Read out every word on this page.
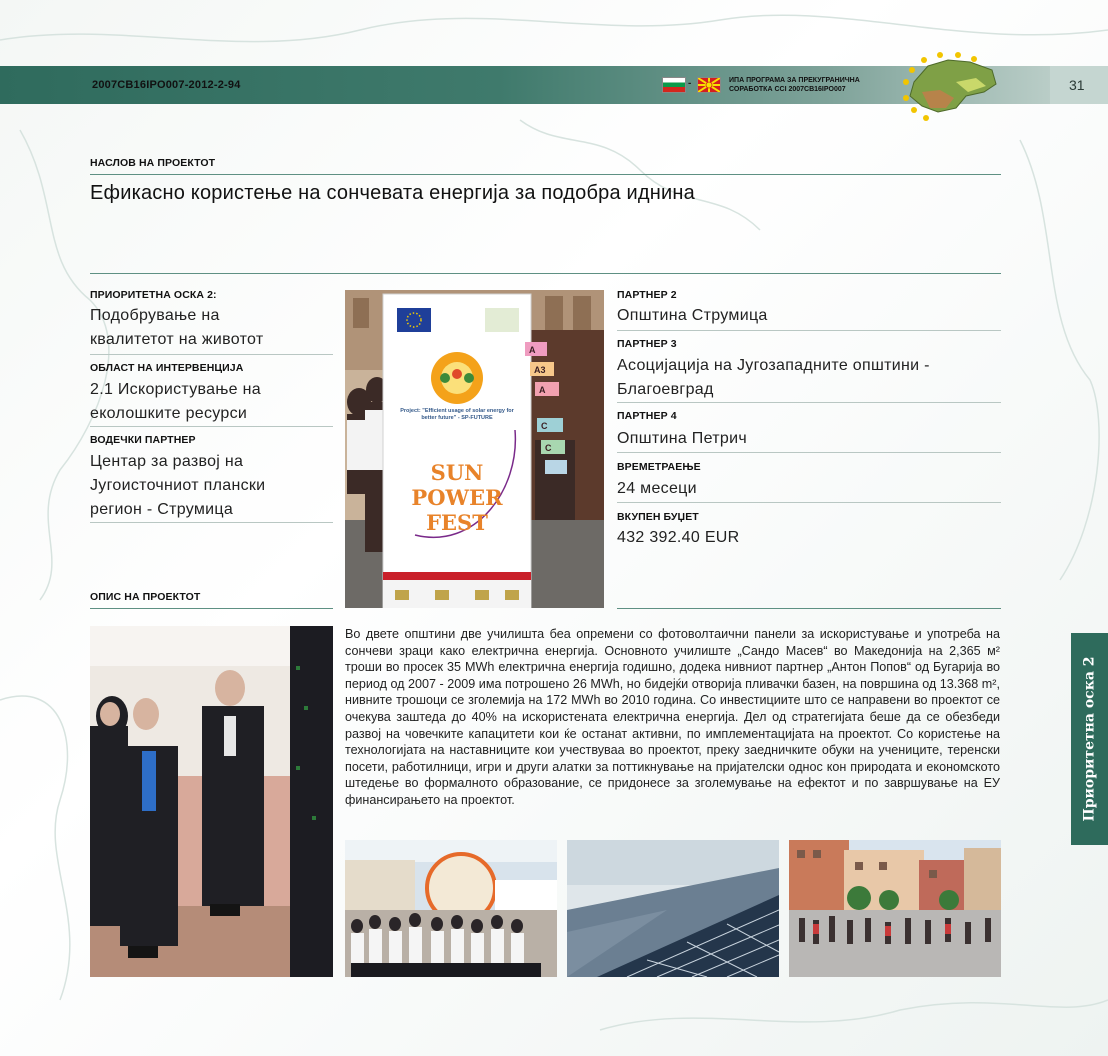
2007CB16IPO007-2012-2-94	-	ИПА ПРОГРАМА ЗА ПРЕКУГРАНИЧНА СОРАБОТКА CCI 2007CB16IPO007	31
НАСЛОВ НА ПРОЕКТОТ
Ефикасно користење на сончевата енергија за подобра иднина
ПРИОРИТЕТНА ОСКА 2:
Подобрување на
квалитетот на животот
ОБЛАСТ НА ИНТЕРВЕНЦИЈА
2.1 Искористување на
еколошките ресурси
ВОДЕЧКИ ПАРТНЕР
Центар за развој на
Југоисточниот плански
регион - Струмица
A
A3
A
C
C
SUN
POWER
FEST
Project: "Efficient usage of solar energy for better future" - SP-FUTURE
ПАРТНЕР 2
Општина Струмица
ПАРТНЕР 3
Асоцијација на Југозападните општини -
Благоевград
ПАРТНЕР 4
Општина Петрич
ВРЕМЕТРАЕЊЕ
24 месеци
ВКУПЕН БУЏЕТ
432 392.40 EUR
ОПИС НА ПРОЕКТОТ
Во двете општини две училишта беа опремени со фотоволтаични панели за искористување и употреба на сончеви зраци како електрична енергија. Основното училиште „Сандо Масев“ во Македонија на 2,365 м² троши во просек 35 MWh електрична енергија годишно, додека нивниот партнер „Антон Попов“ од Бугарија во период од 2007 - 2009 има потрошено 26 MWh, но бидејќи отворија пливачки базен, на површина од 13.368 m², нивните трошоци се зголемија на 172 MWh во 2010 година. Со инвестициите што се направени во проектот се очекува заштеда до 40% на искористената електрична енергија. Дел од стратегијата беше да се обезбеди развој на човечките капацитети кои ќе останат активни, по имплементацијата на проектот. Со користење на технологијата на наставниците кои учествуваа во проектот, преку заедничките обуки на учениците, теренски посети, работилници, игри и други алатки за поттикнување на пријателски однос кон природата и економското штедење во формалното образование, се придонесе за зголемување на ефектот и по завршување на ЕУ финансирањето на проектот.	Приоритетна оска 2
